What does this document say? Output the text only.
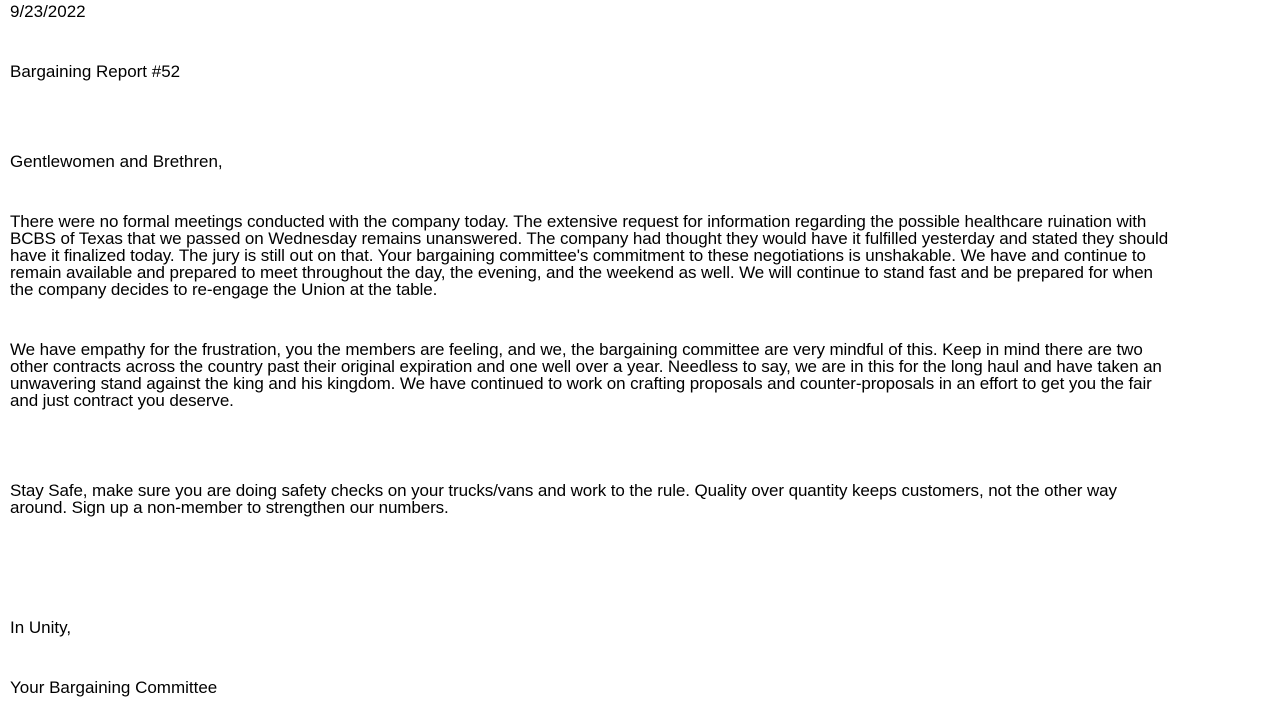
9/23/2022
Bargaining Report #52
Gentlewomen and Brethren,
There were no formal meetings conducted with the company today. The extensive request for information regarding the possible healthcare ruination with
BCBS of Texas that we passed on Wednesday remains unanswered. The company had thought they would have it fulfilled yesterday and stated they should
have it finalized today. The jury is still out on that. Your bargaining committee's commitment to these negotiations is unshakable. We have and continue to
remain available and prepared to meet throughout the day, the evening, and the weekend as well. We will continue to stand fast and be prepared for when
the company decides to re-engage the Union at the table.
We have empathy for the frustration, you the members are feeling, and we, the bargaining committee are very mindful of this. Keep in mind there are two
other contracts across the country past their original expiration and one well over a year. Needless to say, we are in this for the long haul and have taken an
unwavering stand against the king and his kingdom. We have continued to work on crafting proposals and counter-proposals in an effort to get you the fair
and just contract you deserve.
Stay Safe, make sure you are doing safety checks on your trucks/vans and work to the rule. Quality over quantity keeps customers, not the other way
around. Sign up a non-member to strengthen our numbers.
In Unity,
Your Bargaining Committee
